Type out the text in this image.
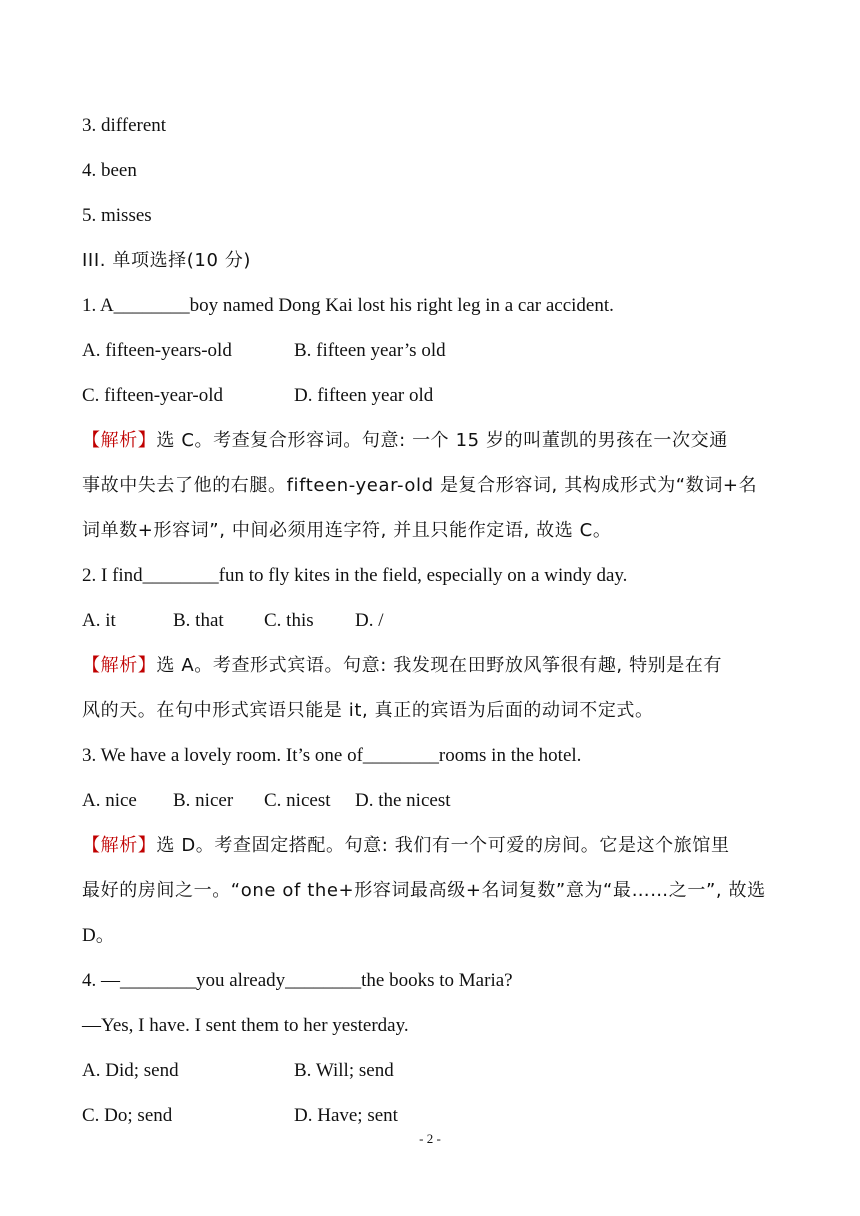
3. different
4. been
5. misses
III. 单项选择(10 分)
1. A________boy named Dong Kai lost his right leg in a car accident.
A. fifteen-years-old	B. fifteen year’s old
C. fifteen-year-old	D. fifteen year old
【解析】选 C。考查复合形容词。句意: 一个 15 岁的叫董凯的男孩在一次交通
事故中失去了他的右腿。fifteen-year-old 是复合形容词, 其构成形式为“数词+名
词单数+形容词”, 中间必须用连字符, 并且只能作定语, 故选 C。
2. I find________fun to fly kites in the field, especially on a windy day.
A. it	B. that C. this D. /
【解析】选 A。考查形式宾语。句意: 我发现在田野放风筝很有趣, 特别是在有
风的天。在句中形式宾语只能是 it, 真正的宾语为后面的动词不定式。
3. We have a lovely room. It’s one of________rooms in the hotel.
A. nice B. nicer C. nicest D. the nicest
【解析】选 D。考查固定搭配。句意: 我们有一个可爱的房间。它是这个旅馆里
最好的房间之一。“one of the+形容词最高级+名词复数”意为“最……之一”, 故选
D。
4. —________you already________the books to Maria?
—Yes, I have. I sent them to her yesterday.
A. Did; send	B. Will; send
C. Do; send	D. Have; sent
- 2 -
